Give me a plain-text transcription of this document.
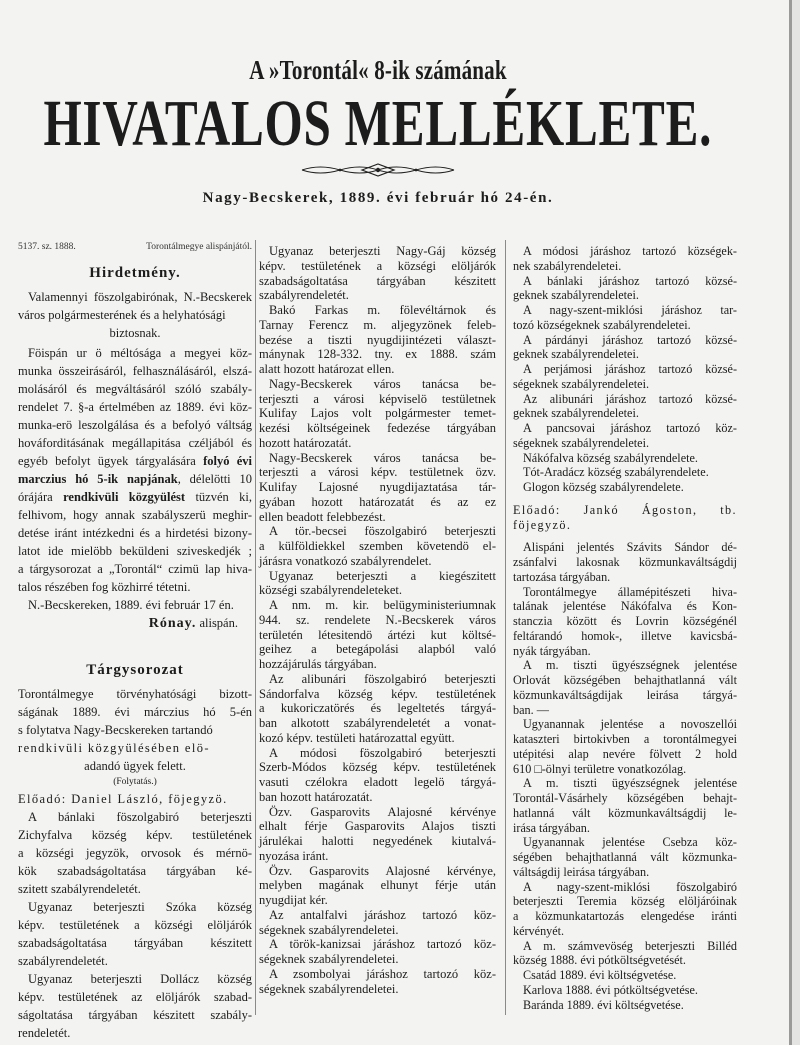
A »Torontál« 8-ik számának
HIVATALOS MELLÉKLETE.
Nagy-Becskerek, 1889. évi február hó 24-én.
5137. sz. 1888.	Torontálmegye alispánjától.
Hirdetmény.
Valamennyi föszolgabirónak, N.-Becskerek
város polgármesterének és a helyhatósági
biztosnak.
Föispán ur ö méltósága a megyei köz-
munka összeirásáról, felhasználásáról, elszá-
molásáról és megváltásáról szóló szabály-
rendelet 7. §-a értelmében az 1889. évi köz-
munka-erö leszolgálása és a befolyó váltság
hováforditásának megállapitása czéljából és
egyéb befolyt ügyek tárgyalására folyó évi
marczius hó 5-ik napjának, délelötti 10
órájára rendkivüli közgyülést tüzvén ki,
felhivom, hogy annak szabályszerü meghir-
detése iránt intézkedni és a hirdetési bizony-
latot ide mielöbb beküldeni sziveskedjék ;
a tárgysorozat a „Torontál“ czimü lap hiva-
talos részében fog közhirré tétetni.
N.-Becskereken, 1889. évi február 17 én.
Rónay. alispán.
Tárgysorozat
Torontálmegye törvényhatósági bizott-
ságának 1889. évi márczius hó 5-én
s folytatva Nagy-Becskereken tartandó
rendkivüli közgyülésében elö-
adandó ügyek felett.
(Folytatás.)
Előadó: Daniel László, föjegyzö.
A bánlaki föszolgabiró beterjeszti
Zichyfalva község képv. testületének
a községi jegyzök, orvosok és mérnö-
kök szabadságoltatása tárgyában ké-
szitett szabályrendeletét.
Ugyanaz beterjeszti Szóka község
képv. testületének a községi elöljárók
szabadságoltatása tárgyában készitett
szabályrendeletét.
Ugyanaz beterjeszti Dollácz község
képv. testületének az elöljárók szabad-
ságoltatása tárgyában készitett szabály-
rendeletét.
Ugyanaz beterjeszti Nagy-Gáj község
képv. testületének a községi elöljárók
szabadságoltatása tárgyában készitett
szabályrendeletét.
Bakó Farkas m. fölevéltárnok és
Tarnay Ferencz m. aljegyzönek feleb-
bezése a tiszti nyugdijintézeti választ-
mánynak 128-332. tny. ex 1888. szám
alatt hozott határozat ellen.
Nagy-Becskerek város tanácsa be-
terjeszti a városi képviselö testületnek
Kulifay Lajos volt polgármester temet-
kezési költségeinek fedezése tárgyában
hozott határozatát.
Nagy-Becskerek város tanácsa be-
terjeszti a városi képv. testületnek özv.
Kulifay Lajosné nyugdijaztatása tár-
gyában hozott határozatát és az ez
ellen beadott felebbezést.
A tör.-becsei föszolgabiró beterjeszti
a külföldiekkel szemben követendö el-
járásra vonatkozó szabályrendelet.
Ugyanaz beterjeszti a kiegészitett
községi szabályrendeleteket.
A nm. m. kir. belügyministeriumnak
944. sz. rendelete N.-Becskerek város
területén létesitendö ártézi kut költsé-
geihez a betegápolási alapból való
hozzájárulás tárgyában.
Az alibunári föszolgabiró beterjeszti
Sándorfalva község képv. testületének
a kukoriczatörés és legeltetés tárgyá-
ban alkotott szabályrendeletét a vonat-
kozó képv. testületi határozattal együtt.
A módosi föszolgabiró beterjeszti
Szerb-Módos község képv. testületének
vasuti czélokra eladott legelö tárgyá-
ban hozott határozatát.
Özv. Gasparovits Alajosné kérvénye
elhalt férje Gasparovits Alajos tiszti
járulékai halotti negyedének kiutalvá-
nyozása iránt.
Özv. Gasparovits Alajosné kérvénye,
melyben magának elhunyt férje után
nyugdijat kér.
Az antalfalvi járáshoz tartozó köz-
ségeknek szabályrendeletei.
A török-kanizsai járáshoz tartozó köz-
ségeknek szabályrendeletei.
A zsombolyai járáshoz tartozó köz-
ségeknek szabályrendeletei.
A módosi járáshoz tartozó községek-
nek szabályrendeletei.
A bánlaki járáshoz tartozó közsé-
geknek szabályrendeletei.
A nagy-szent-miklósi járáshoz tar-
tozó községeknek szabályrendeletei.
A párdányi járáshoz tartozó közsé-
geknek szabályrendeletei.
A perjámosi járáshoz tartozó közsé-
ségeknek szabályrendeletei.
Az alibunári járáshoz tartozó közsé-
geknek szabályrendeletei.
A pancsovai járáshoz tartozó köz-
ségeknek szabályrendeletei.
Nákófalva község szabályrendelete.
Tót-Aradácz község szabályrendelete.
Glogon község szabályrendelete.
Előadó: Jankó Ágoston, tb. föjegyzö.
Alispáni jelentés Szávits Sándor dé-
zsánfalvi lakosnak közmunkaváltságdij
tartozása tárgyában.
Torontálmegye államépitészeti hiva-
talának jelentése Nákófalva és Kon-
stanczia között és Lovrin községénél
feltárandó homok-, illetve kavicsbá-
nyák tárgyában.
A m. tiszti ügyészségnek jelentése
Orlovát községében behajthatlanná vált
közmunkaváltságdijak leirása tárgyá-
ban. —
Ugyanannak jelentése a novoszellói
kataszteri birtokivben a torontálmegyei
utépitési alap nevére fölvett 2 hold
610 □-ölnyi területre vonatkozólag.
A m. tiszti ügyészségnek jelentése
Torontál-Vásárhely községében behajt-
hatlanná vált közmunkaváltságdij le-
irása tárgyában.
Ugyanannak jelentése Csebza köz-
ségében behajthatlanná vált közmunka-
váltságdij leirása tárgyában.
A nagy-szent-miklósi föszolgabiró
beterjeszti Teremia község elöljáróinak
a közmunkatartozás elengedése iránti
kérvényét.
A m. számvevöség beterjeszti Billéd
község 1888. évi pótköltségvetését.
Csatád 1889. évi költségvetése.
Karlova 1888. évi pótköltségvetése.
Baránda 1889. évi költségvetése.
